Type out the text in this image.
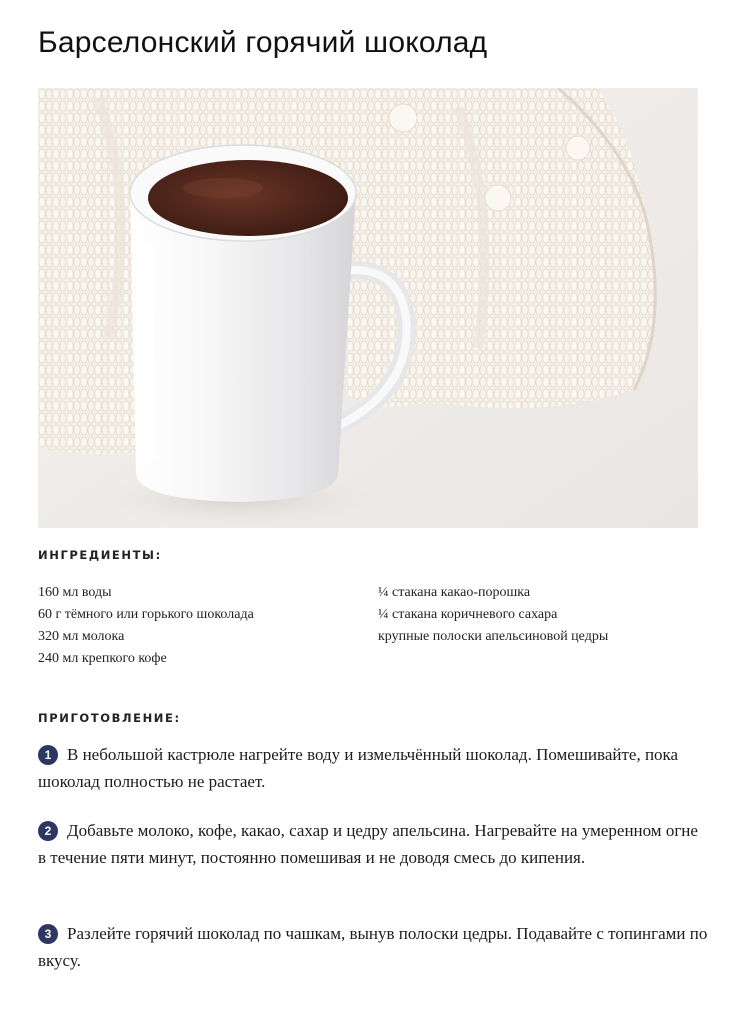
Барселонский горячий шоколад
ИНГРЕДИЕНТЫ:
160 мл воды
60 г тёмного или горького шоколада
320 мл молока
240 мл крепкого кофе
¼ стакана какао-порошка
¼ стакана коричневого сахара
крупные полоски апельсиновой цедры
ПРИГОТОВЛЕНИЕ:

1 В небольшой кастрюле нагрейте воду и измельчённый шоколад. Помешивайте, пока шоколад полностью не растает.

2 Добавьте молоко, кофе, какао, сахар и цедру апельсина. Нагревайте на умеренном огне в течение пяти минут, постоянно помешивая и не доводя смесь до кипения.

3 Разлейте горячий шоколад по чашкам, вынув полоски цедры. Подавайте с топингами по вкусу.
